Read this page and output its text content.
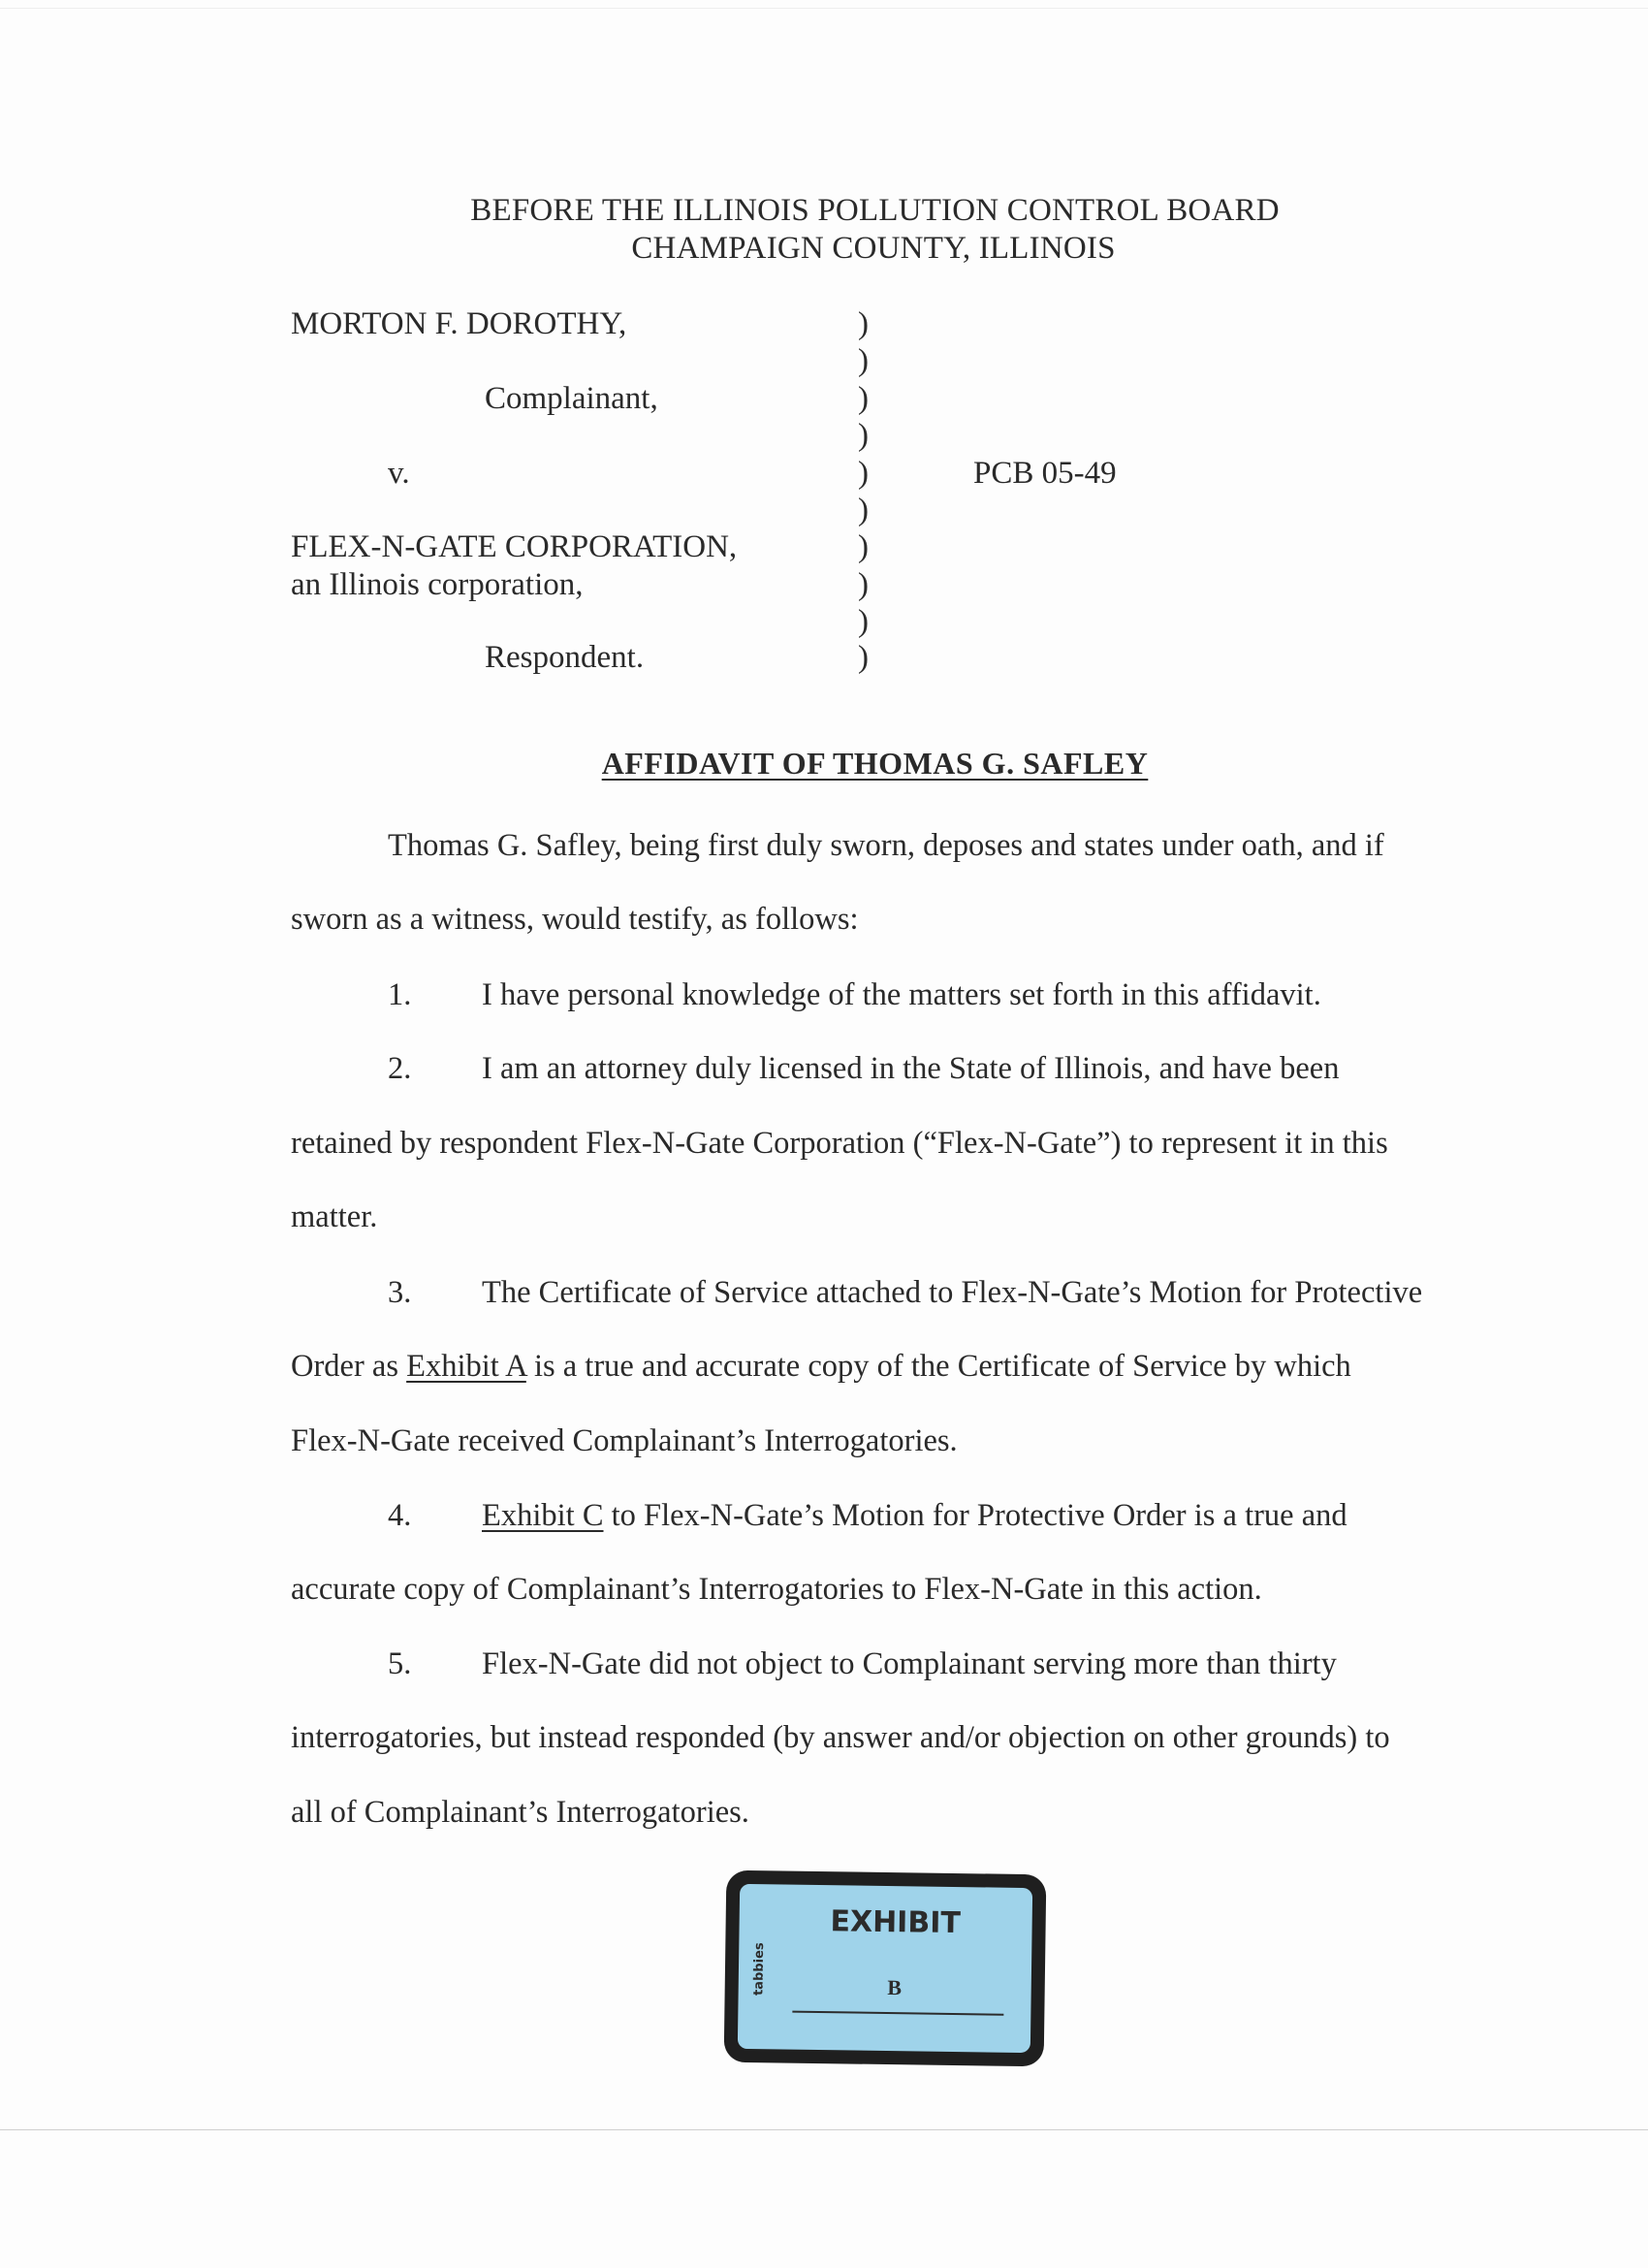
BEFORE THE ILLINOIS POLLUTION CONTROL BOARD
CHAMPAIGN COUNTY, ILLINOIS
MORTON F. DOROTHY,
Complainant,
v.
FLEX-N-GATE CORPORATION,
an Illinois corporation,
Respondent.
)
)
)
)
)
)
)
)
)
)
PCB 05-49
AFFIDAVIT OF THOMAS G. SAFLEY
Thomas G. Safley, being first duly sworn, deposes and states under oath, and if
sworn as a witness, would testify, as follows:
1. I have personal knowledge of the matters set forth in this affidavit.
2. I am an attorney duly licensed in the State of Illinois, and have been
retained by respondent Flex-N-Gate Corporation (“Flex-N-Gate”) to represent it in this
matter.
3. The Certificate of Service attached to Flex-N-Gate’s Motion for Protective
Order as Exhibit A is a true and accurate copy of the Certificate of Service by which
Flex-N-Gate received Complainant’s Interrogatories.
4. Exhibit C to Flex-N-Gate’s Motion for Protective Order is a true and
accurate copy of Complainant’s Interrogatories to Flex-N-Gate in this action.
5. Flex-N-Gate did not object to Complainant serving more than thirty
interrogatories, but instead responded (by answer and/or objection on other grounds) to
all of Complainant’s Interrogatories.
EXHIBIT
tabbies	B
